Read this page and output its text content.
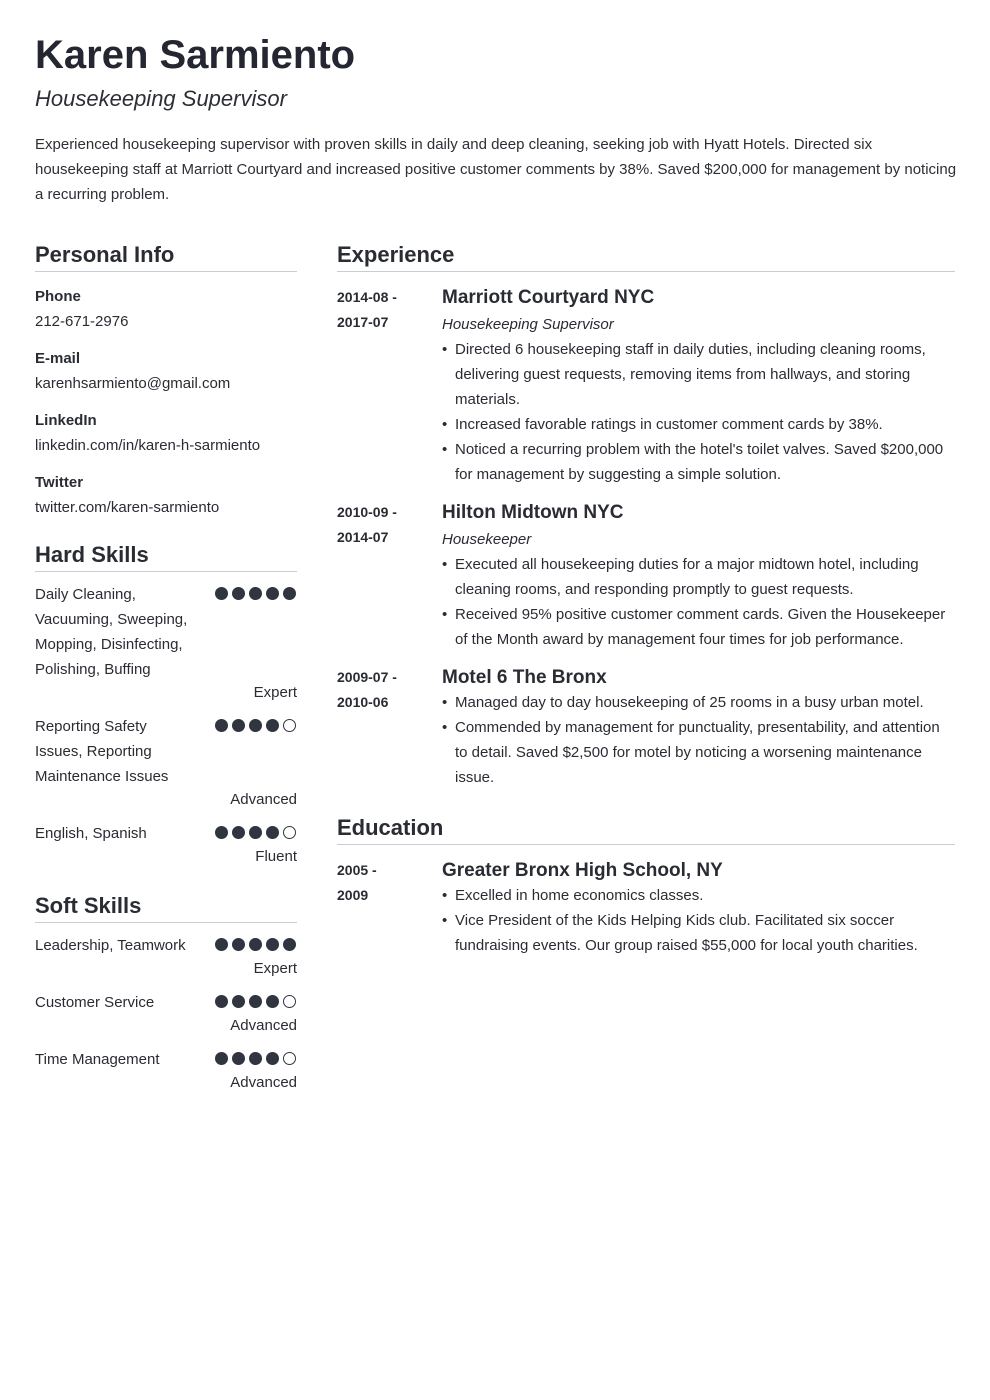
Karen Sarmiento
Housekeeping Supervisor

Experienced housekeeping supervisor with proven skills in daily and deep cleaning, seeking job with Hyatt Hotels. Directed six housekeeping staff at Marriott Courtyard and increased positive customer comments by 38%. Saved $200,000 for management by noticing a recurring problem.

Personal Info
Phone
212-671-2976
E-mail
karenhsarmiento@gmail.com
LinkedIn
linkedin.com/in/karen-h-sarmiento
Twitter
twitter.com/karen-sarmiento
Hard Skills
Daily Cleaning, Vacuuming, Sweeping, Mopping, Disinfecting, Polishing, Buffing
Expert
Reporting Safety Issues, Reporting Maintenance Issues
Advanced
English, Spanish
Fluent
Soft Skills
Leadership, Teamwork
Expert
Customer Service
Advanced
Time Management
Advanced
Experience
2014-08 -
2017-07
Marriott Courtyard NYC
Housekeeping Supervisor
• Directed 6 housekeeping staff in daily duties, including cleaning rooms, delivering guest requests, removing items from hallways, and storing materials.
• Increased favorable ratings in customer comment cards by 38%.
• Noticed a recurring problem with the hotel's toilet valves. Saved $200,000 for management by suggesting a simple solution.
2010-09 -
2014-07
Hilton Midtown NYC
Housekeeper
• Executed all housekeeping duties for a major midtown hotel, including cleaning rooms, and responding promptly to guest requests.
• Received 95% positive customer comment cards. Given the Housekeeper of the Month award by management four times for job performance.
2009-07 -
2010-06
Motel 6 The Bronx
• Managed day to day housekeeping of 25 rooms in a busy urban motel.
• Commended by management for punctuality, presentability, and attention to detail. Saved $2,500 for motel by noticing a worsening maintenance issue.
Education
2005 -
2009
Greater Bronx High School, NY
• Excelled in home economics classes.
• Vice President of the Kids Helping Kids club. Facilitated six soccer fundraising events. Our group raised $55,000 for local youth charities.
